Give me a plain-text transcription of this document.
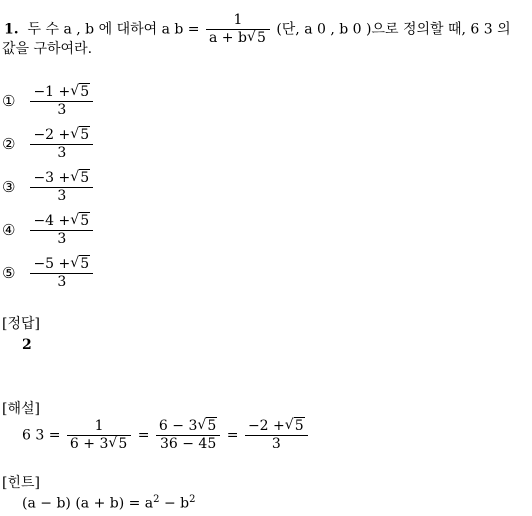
1. 두 수 a , b 에 대하여 a $b = \frac{1}{a + b √ 5}$ (단, a 0 , b 0 )으로 정의할 때, 6 3 의
값을 구하여라.
① $\frac{-1 + √ 5}{3}$
② $\frac{-2 + √ 5}{3}$
③ $\frac{-3 + √ 5}{3}$
④ $\frac{-4 + √ 5}{3}$
⑤ $\frac{-5 + √ 5}{3}$
[정답]
2
[해설]
6 $3 = \frac{1}{6 + 3 √ 5} = \frac{6 - 3 √ 5}{36 - 45} = \frac{-2 + √ 5}{3}$
[힌트]
(a − b) $(a + b) = a^2 - b^2$
